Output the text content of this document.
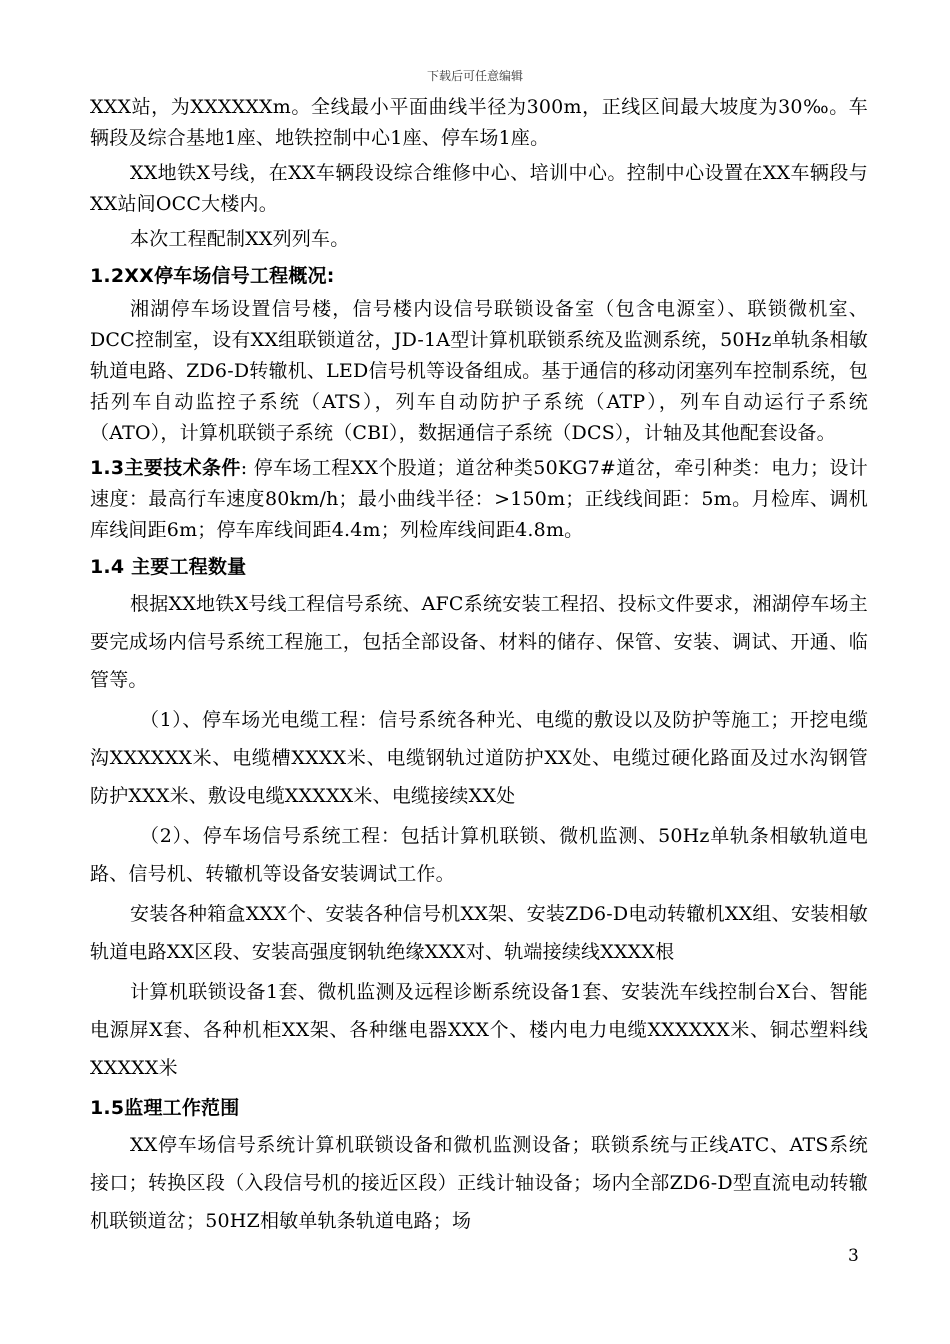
下载后可任意编辑

XXX站，为XXXXXXm。全线最小平面曲线半径为300m，正线区间最大坡度为30‰。车辆段及综合基地1座、地铁控制中心1座、停车场1座。

XX地铁X号线，在XX车辆段设综合维修中心、培训中心。控制中心设置在XX车辆段与XX站间OCC大楼内。

本次工程配制XX列列车。

1.2XX停车场信号工程概况:

湘湖停车场设置信号楼，信号楼内设信号联锁设备室（包含电源室）、联锁微机室、DCC控制室，设有XX组联锁道岔，JD-1A型计算机联锁系统及监测系统，50Hz单轨条相敏轨道电路、ZD6-D转辙机、LED信号机等设备组成。基于通信的移动闭塞列车控制系统，包括列车自动监控子系统（ATS），列车自动防护子系统（ATP），列车自动运行子系统（ATO），计算机联锁子系统（CBI），数据通信子系统（DCS），计轴及其他配套设备。

1.3主要技术条件: 停车场工程XX个股道；道岔种类50KG7#道岔，牵引种类：电力；设计速度：最高行车速度80km/h；最小曲线半径：>150m；正线线间距：5m。月检库、调机库线间距6m；停车库线间距4.4m；列检库线间距4.8m。

1.4 主要工程数量

根据XX地铁X号线工程信号系统、AFC系统安装工程招、投标文件要求，湘湖停车场主要完成场内信号系统工程施工，包括全部设备、材料的储存、保管、安装、调试、开通、临管等。

（1）、停车场光电缆工程：信号系统各种光、电缆的敷设以及防护等施工；开挖电缆沟XXXXXX米、电缆槽XXXX米、电缆钢轨过道防护XX处、电缆过硬化路面及过水沟钢管防护XXX米、敷设电缆XXXXX米、电缆接续XX处

（2）、停车场信号系统工程：包括计算机联锁、微机监测、50Hz单轨条相敏轨道电路、信号机、转辙机等设备安装调试工作。

安装各种箱盒XXX个、安装各种信号机XX架、安装ZD6-D电动转辙机XX组、安装相敏轨道电路XX区段、安装高强度钢轨绝缘XXX对、轨端接续线XXXX根

计算机联锁设备1套、微机监测及远程诊断系统设备1套、安装洗车线控制台X台、智能电源屏X套、各种机柜XX架、各种继电器XXX个、楼内电力电缆XXXXXX米、铜芯塑料线XXXXX米

1.5监理工作范围

XX停车场信号系统计算机联锁设备和微机监测设备；联锁系统与正线ATC、ATS系统接口；转换区段（入段信号机的接近区段）正线计轴设备；场内全部ZD6-D型直流电动转辙机联锁道岔；50HZ相敏单轨条轨道电路；场

3
